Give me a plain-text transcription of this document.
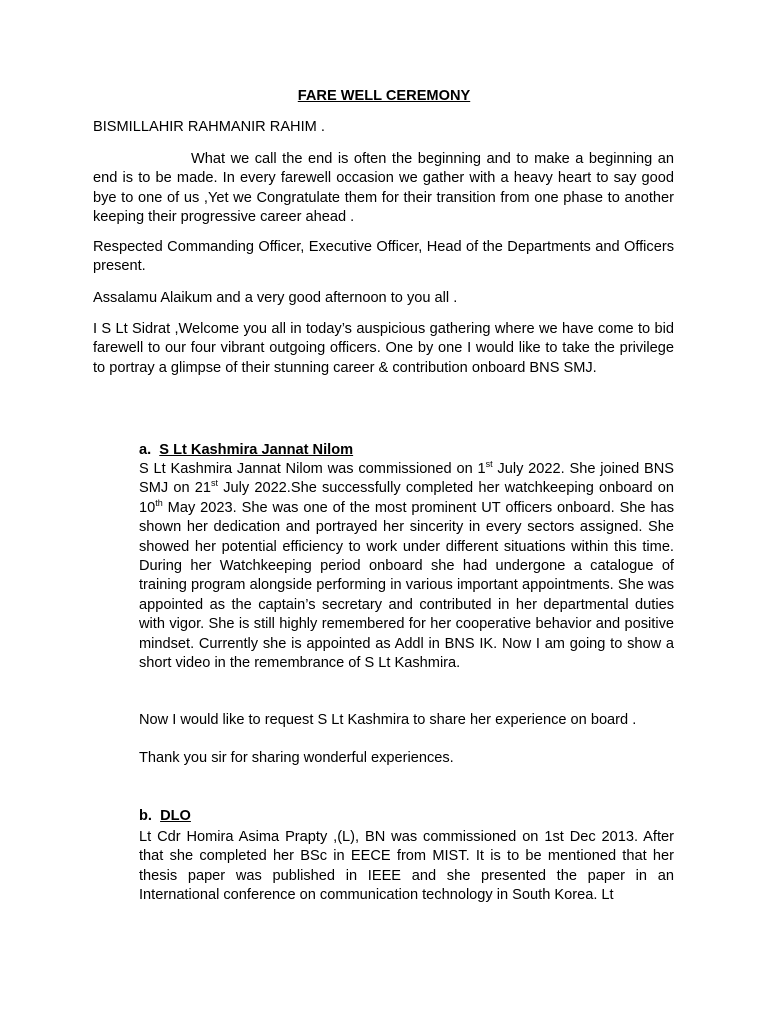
FARE WELL CEREMONY

BISMILLAHIR RAHMANIR RAHIM .

What we call the end is often the beginning and to make a beginning an end is to be made. In every farewell occasion we gather with a heavy heart to say good bye to one of us ,Yet we Congratulate them for their transition from one phase to another keeping their progressive career ahead .

Respected Commanding Officer, Executive Officer, Head of the Departments and Officers present.

Assalamu Alaikum and a very good afternoon to you all .

I S Lt Sidrat ,Welcome you all in today’s auspicious gathering where we have come to bid farewell to our four vibrant outgoing officers. One by one I would like to take the privilege to portray a glimpse of their stunning career & contribution onboard BNS SMJ.

a. S Lt Kashmira Jannat Nilom

S Lt Kashmira Jannat Nilom was commissioned on 1st July 2022. She joined BNS SMJ on 21st July 2022.She successfully completed her watchkeeping onboard on 10th May 2023. She was one of the most prominent UT officers onboard. She has shown her dedication and portrayed her sincerity in every sectors assigned. She showed her potential efficiency to work under different situations within this time. During her Watchkeeping period onboard she had undergone a catalogue of training program alongside performing in various important appointments. She was appointed as the captain’s secretary and contributed in her departmental duties with vigor. She is still highly remembered for her cooperative behavior and positive mindset. Currently she is appointed as Addl in BNS IK. Now I am going to show a short video in the remembrance of S Lt Kashmira.

Now I would like to request S Lt Kashmira to share her experience on board .

Thank you sir for sharing wonderful experiences.

b. DLO

Lt Cdr Homira Asima Prapty ,(L), BN was commissioned on 1st Dec 2013. After that she completed her BSc in EECE from MIST. It is to be mentioned that her thesis paper was published in IEEE and she presented the paper in an International conference on communication technology in South Korea. Lt
